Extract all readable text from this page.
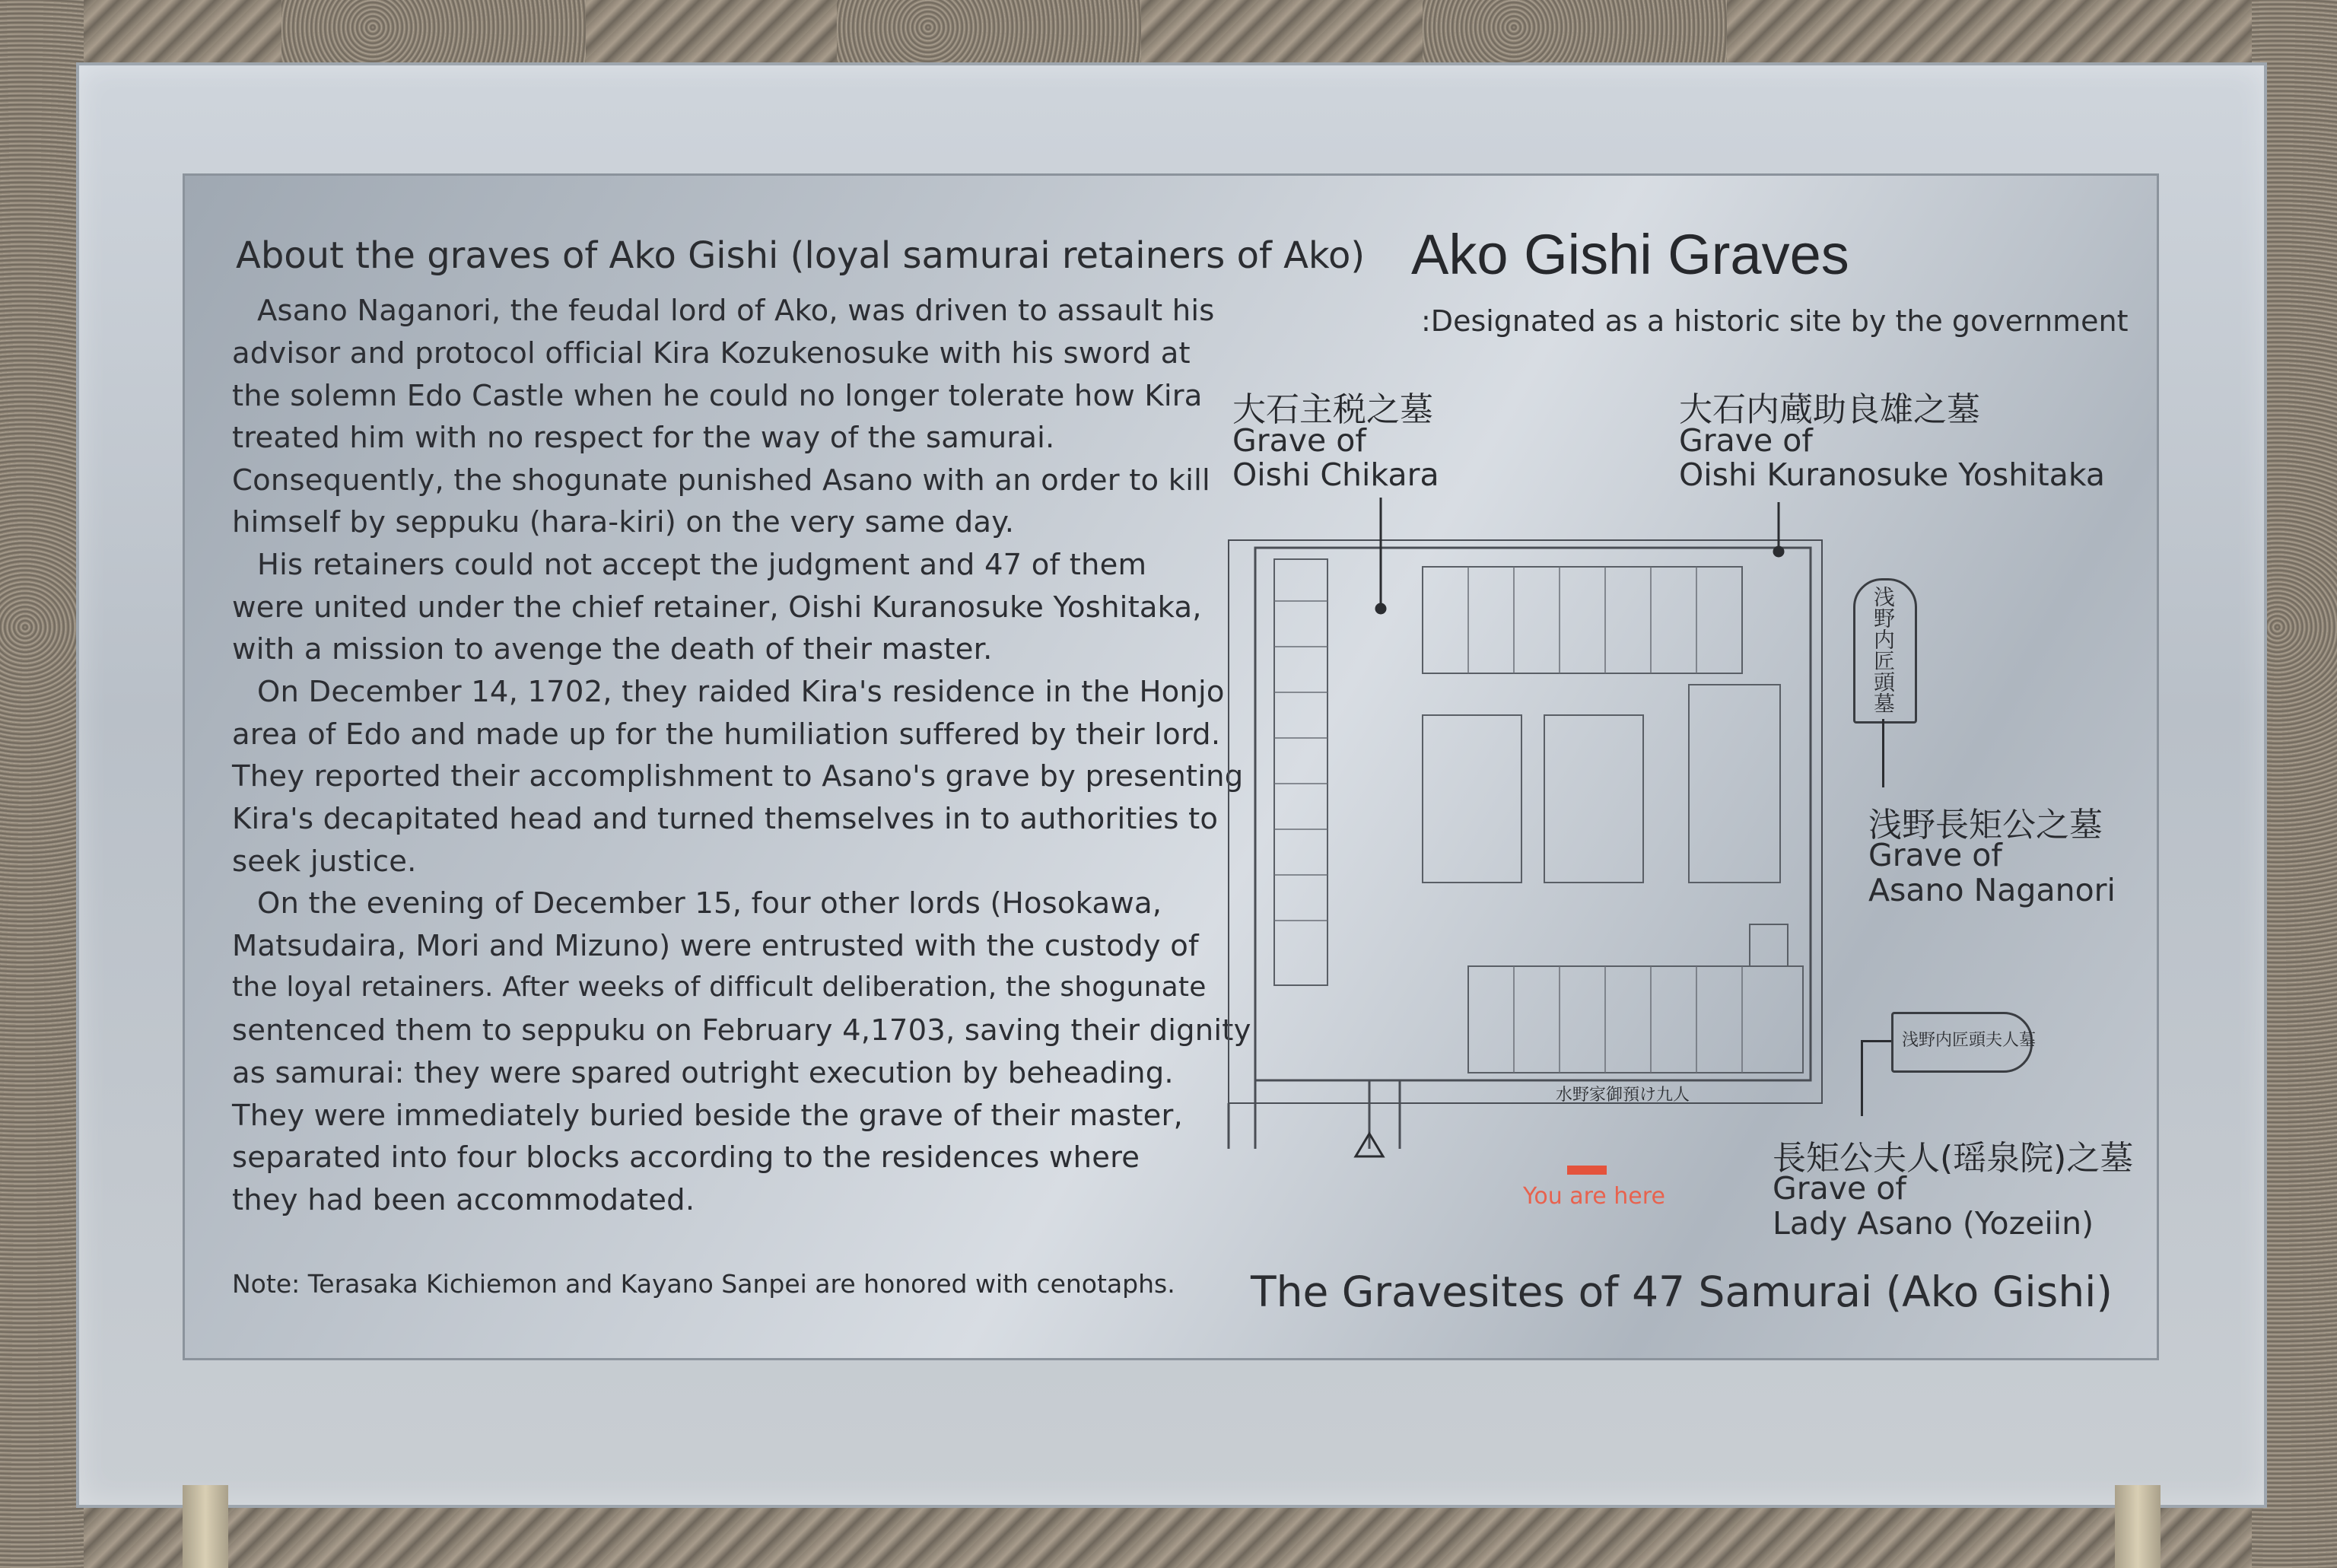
About the graves of Ako Gishi (loyal samurai retainers of Ako)
Asano Naganori, the feudal lord of Ako, was driven to assault his
advisor and protocol official Kira Kozukenosuke with his sword at
the solemn Edo Castle when he could no longer tolerate how Kira
treated him with no respect for the way of the samurai.
Consequently, the shogunate punished Asano with an order to kill
himself by seppuku (hara-kiri) on the very same day.
His retainers could not accept the judgment and 47 of them
were united under the chief retainer, Oishi Kuranosuke Yoshitaka,
with a mission to avenge the death of their master.
On December 14, 1702, they raided Kira's residence in the Honjo
area of Edo and made up for the humiliation suffered by their lord.
They reported their accomplishment to Asano's grave by presenting
Kira's decapitated head and turned themselves in to authorities to
seek justice.
On the evening of December 15, four other lords (Hosokawa,
Matsudaira, Mori and Mizuno) were entrusted with the custody of
the loyal retainers. After weeks of difficult deliberation, the shogunate
sentenced them to seppuku on February 4,1703, saving their dignity
as samurai: they were spared outright execution by beheading.
They were immediately buried beside the grave of their master,
separated into four blocks according to the residences where
they had been accommodated.
Note: Terasaka Kichiemon and Kayano Sanpei are honored with cenotaphs.
Ako Gishi Graves
:Designated as a historic site by the government
大石主税之墓
Grave of
Oishi Chikara
大石内蔵助良雄之墓
Grave of
Oishi Kuranosuke Yoshitaka
浅野長矩公之墓
Grave of
Asano Naganori
長矩公夫人(瑶泉院)之墓
Grave of
Lady Asano (Yozeiin)
浅野内匠頭墓
浅野内匠頭夫人墓
水野家御預け九人
You are here
The Gravesites of 47 Samurai (Ako Gishi)
